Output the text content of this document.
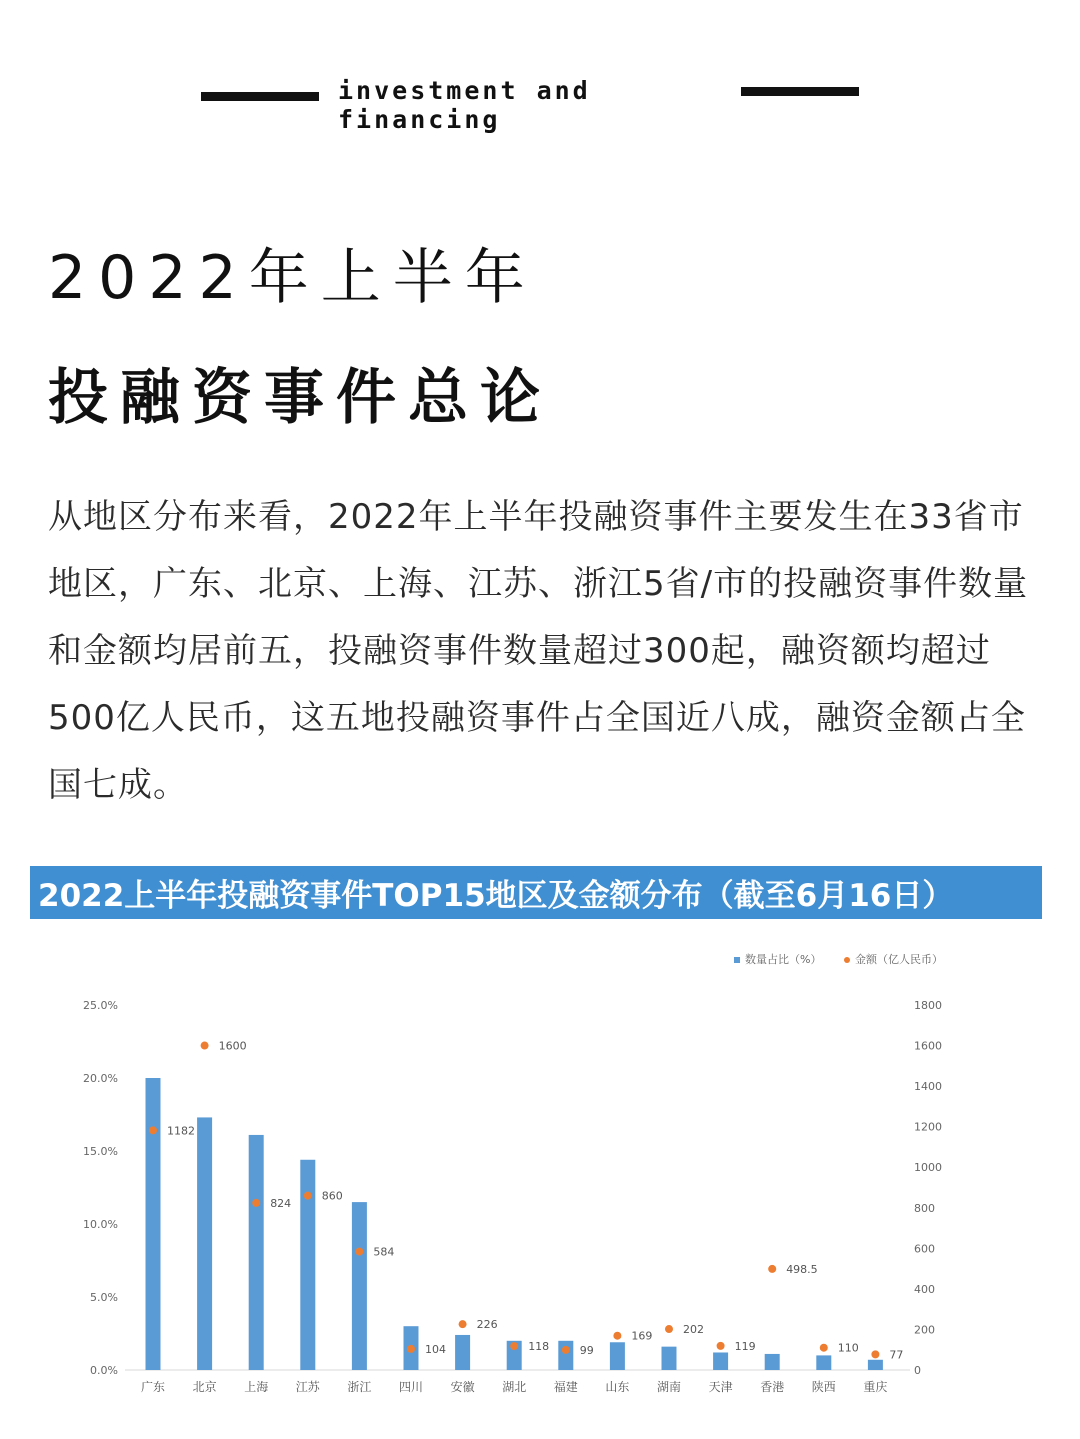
investment and financing
2022年上半年
投融资事件总论
从地区分布来看，2022年上半年投融资事件主要发生在33省市地区，广东、北京、上海、江苏、浙江5省/市的投融资事件数量和金额均居前五，投融资事件数量超过300起，融资额均超过500亿人民币，这五地投融资事件占全国近八成，融资金额占全国七成。
2022上半年投融资事件TOP15地区及金额分布（截至6月16日）
0.0%
5.0%
10.0%
15.0%
20.0%
25.0%
0
200
400
600
800
1000
1200
1400
1600
1800
1182
广东
1600
北京
824
上海
860
江苏
584
浙江
104
四川
226
安徽
118
湖北
99
福建
169
山东
202
湖南
119
天津
498.5
香港
110
陕西
77
重庆
数量占比（%）	金额（亿人民币）
